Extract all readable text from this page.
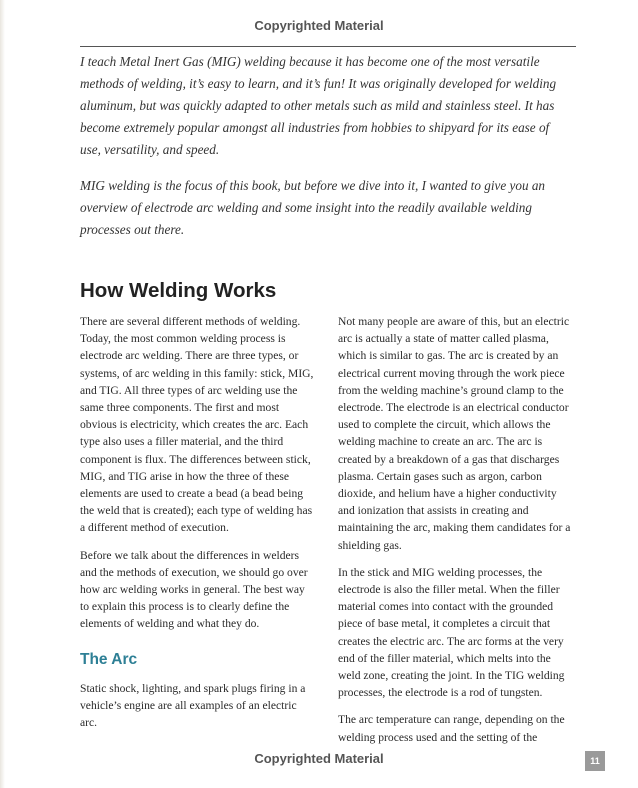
Copyrighted Material

I teach Metal Inert Gas (MIG) welding because it has become one of the most versatile methods of welding, it’s easy to learn, and it’s fun! It was originally developed for welding aluminum, but was quickly adapted to other metals such as mild and stainless steel. It has become extremely popular amongst all industries from hobbies to shipyard for its ease of use, versatility, and speed.

MIG welding is the focus of this book, but before we dive into it, I wanted to give you an overview of electrode arc welding and some insight into the readily available welding processes out there.

How Welding Works

There are several different methods of welding. Today, the most common welding process is electrode arc welding. There are three types, or systems, of arc welding in this family: stick, MIG, and TIG. All three types of arc welding use the same three components. The first and most obvious is electricity, which creates the arc. Each type also uses a filler material, and the third component is flux. The differences between stick, MIG, and TIG arise in how the three of these elements are used to create a bead (a bead being the weld that is created); each type of welding has a different method of execution.

Before we talk about the differences in welders and the methods of execution, we should go over how arc welding works in general. The best way to explain this process is to clearly define the elements of welding and what they do.

The Arc

Static shock, lighting, and spark plugs firing in a vehicle’s engine are all examples of an electric arc.

Not many people are aware of this, but an electric arc is actually a state of matter called plasma, which is similar to gas. The arc is created by an electrical current moving through the work piece from the welding machine’s ground clamp to the electrode. The electrode is an electrical conductor used to complete the circuit, which allows the welding machine to create an arc. The arc is created by a breakdown of a gas that discharges plasma. Certain gases such as argon, carbon dioxide, and helium have a higher conductivity and ionization that assists in creating and maintaining the arc, making them candidates for a shielding gas.

In the stick and MIG welding processes, the electrode is also the filler metal. When the filler material comes into contact with the grounded piece of base metal, it completes a circuit that creates the electric arc. The arc forms at the very end of the filler material, which melts into the weld zone, creating the joint. In the TIG welding processes, the electrode is a rod of tungsten.

The arc temperature can range, depending on the welding process used and the setting of the

Copyrighted Material	11
